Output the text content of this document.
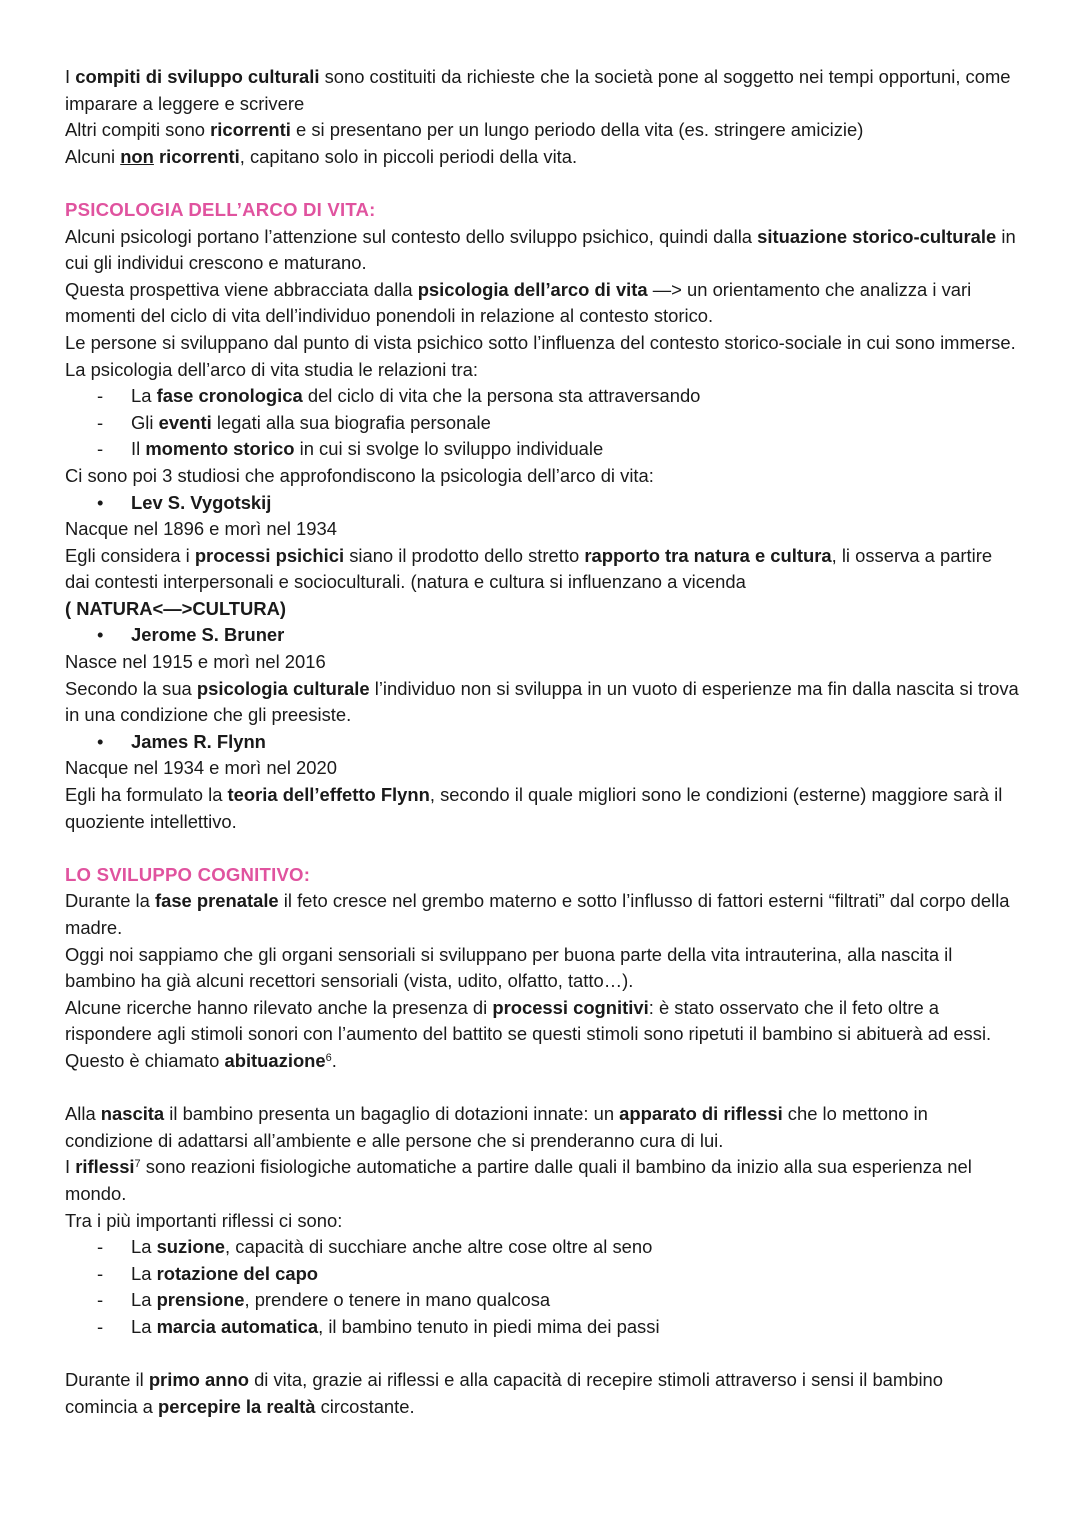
I compiti di sviluppo culturali sono costituiti da richieste che la società pone al soggetto nei tempi opportuni, come imparare a leggere e scrivere

Altri compiti sono ricorrenti e si presentano per un lungo periodo della vita (es. stringere amicizie)

Alcuni non ricorrenti, capitano solo in piccoli periodi della vita.

PSICOLOGIA DELL’ARCO DI VITA:

Alcuni psicologi portano l’attenzione sul contesto dello sviluppo psichico, quindi dalla situazione storico-culturale in cui gli individui crescono e maturano.

Questa prospettiva viene abbracciata dalla psicologia dell’arco di vita —> un orientamento che analizza i vari momenti del ciclo di vita dell’individuo ponendoli in relazione al contesto storico.

Le persone si sviluppano dal punto di vista psichico sotto l’influenza del contesto storico-sociale in cui sono immerse.

La psicologia dell’arco di vita studia le relazioni tra:

- La fase cronologica del ciclo di vita che la persona sta attraversando
- Gli eventi legati alla sua biografia personale
- Il momento storico in cui si svolge lo sviluppo individuale

Ci sono poi 3 studiosi che approfondiscono la psicologia dell’arco di vita:

• Lev S. Vygotskij

Nacque nel 1896 e morì nel 1934

Egli considera i processi psichici siano il prodotto dello stretto rapporto tra natura e cultura, li osserva a partire dai contesti interpersonali e socioculturali. (natura e cultura si influenzano a vicenda
( NATURA<—>CULTURA)

• Jerome S. Bruner

Nasce nel 1915 e morì nel 2016

Secondo la sua psicologia culturale l’individuo non si sviluppa in un vuoto di esperienze ma fin dalla nascita si trova in una condizione che gli preesiste.

• James R. Flynn

Nacque nel 1934 e morì nel 2020

Egli ha formulato la teoria dell’effetto Flynn, secondo il quale migliori sono le condizioni (esterne) maggiore sarà il quoziente intellettivo.

LO SVILUPPO COGNITIVO:

Durante la fase prenatale il feto cresce nel grembo materno e sotto l’influsso di fattori esterni “filtrati” dal corpo della madre.

Oggi noi sappiamo che gli organi sensoriali si sviluppano per buona parte della vita intrauterina, alla nascita il bambino ha già alcuni recettori sensoriali (vista, udito, olfatto, tatto…).

Alcune ricerche hanno rilevato anche la presenza di processi cognitivi: è stato osservato che il feto oltre a rispondere agli stimoli sonori con l’aumento del battito se questi stimoli sono ripetuti il bambino si abituerà ad essi. Questo è chiamato abituazione$^6$.

Alla nascita il bambino presenta un bagaglio di dotazioni innate: un apparato di riflessi che lo mettono in condizione di adattarsi all’ambiente e alle persone che si prenderanno cura di lui.

I riflessi$^7$ sono reazioni fisiologiche automatiche a partire dalle quali il bambino da inizio alla sua esperienza nel mondo.

Tra i più importanti riflessi ci sono:

- La suzione, capacità di succhiare anche altre cose oltre al seno
- La rotazione del capo
- La prensione, prendere o tenere in mano qualcosa
- La marcia automatica, il bambino tenuto in piedi mima dei passi

Durante il primo anno di vita, grazie ai riflessi e alla capacità di recepire stimoli attraverso i sensi il bambino comincia a percepire la realtà circostante.
